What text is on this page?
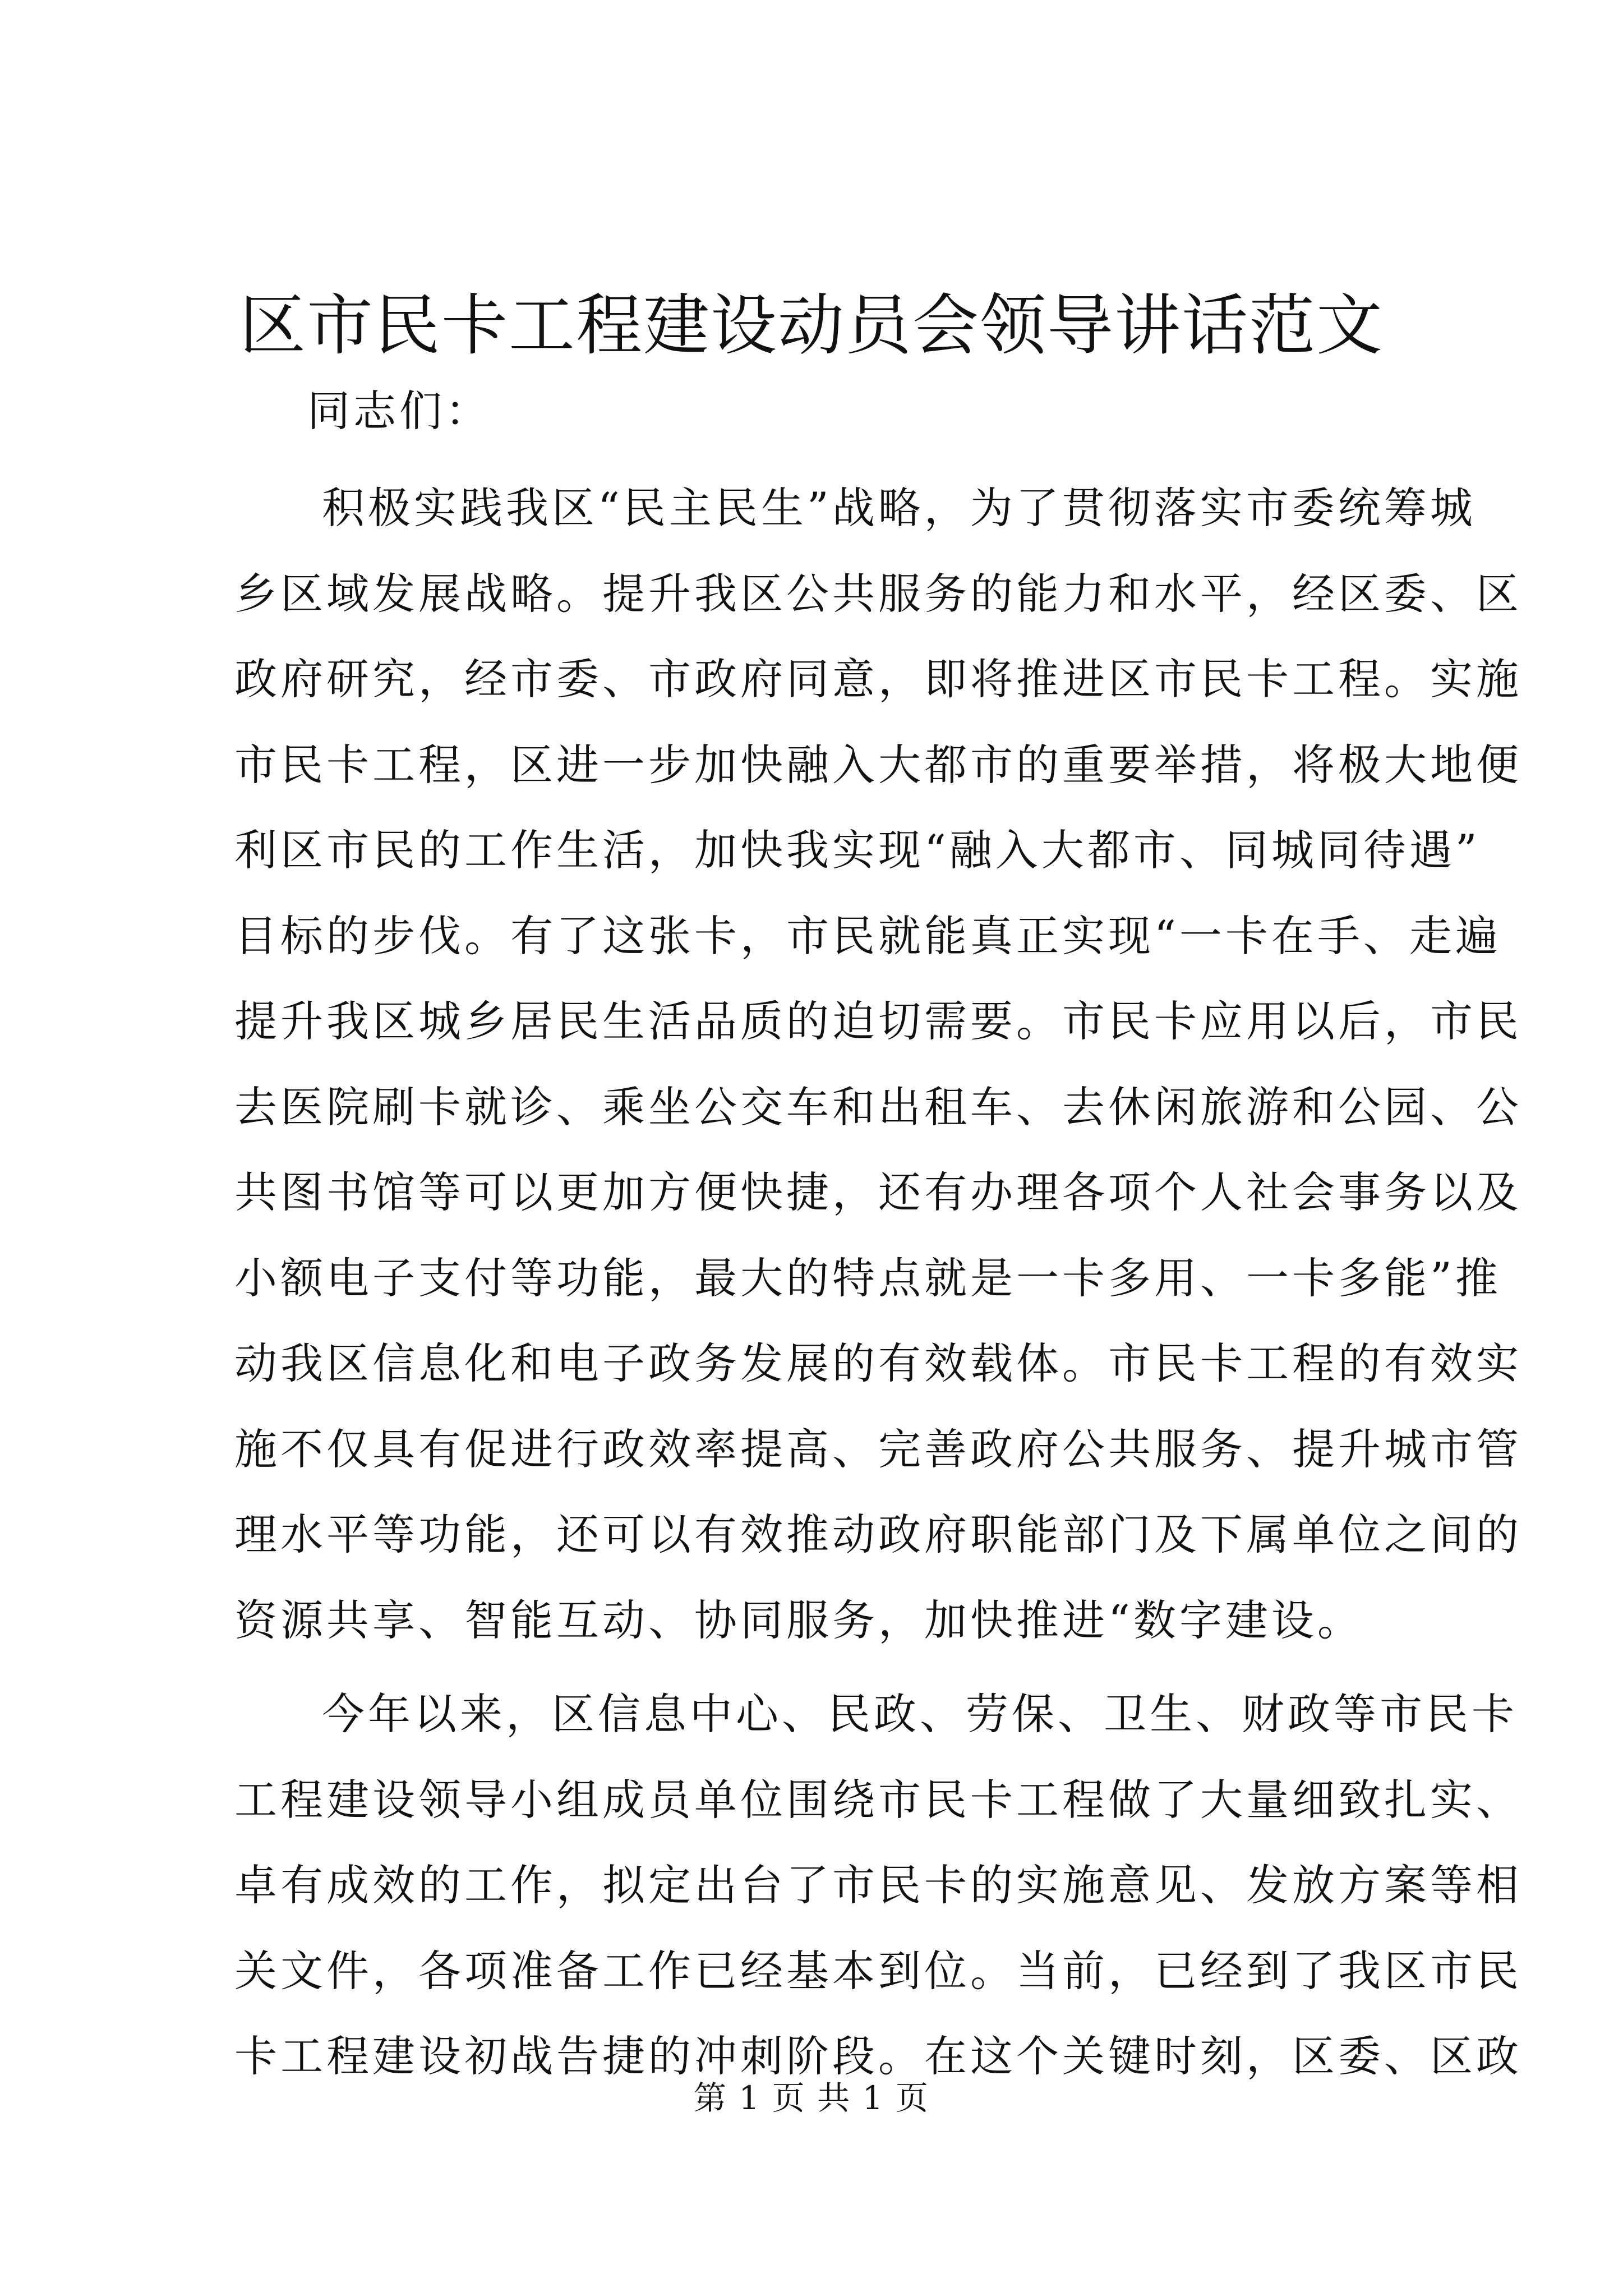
区市民卡工程建设动员会领导讲话范文

同志们：

积极实践我区“民主民生”战略，为了贯彻落实市委统筹城
乡区域发展战略。提升我区公共服务的能力和水平，经区委、区
政府研究，经市委、市政府同意，即将推进区市民卡工程。实施
市民卡工程，区进一步加快融入大都市的重要举措，将极大地便
利区市民的工作生活，加快我实现“融入大都市、同城同待遇”
目标的步伐。有了这张卡，市民就能真正实现“一卡在手、走遍
提升我区城乡居民生活品质的迫切需要。市民卡应用以后，市民
去医院刷卡就诊、乘坐公交车和出租车、去休闲旅游和公园、公
共图书馆等可以更加方便快捷，还有办理各项个人社会事务以及
小额电子支付等功能，最大的特点就是一卡多用、一卡多能”推
动我区信息化和电子政务发展的有效载体。市民卡工程的有效实
施不仅具有促进行政效率提高、完善政府公共服务、提升城市管
理水平等功能，还可以有效推动政府职能部门及下属单位之间的
资源共享、智能互动、协同服务，加快推进“数字建设。
今年以来，区信息中心、民政、劳保、卫生、财政等市民卡
工程建设领导小组成员单位围绕市民卡工程做了大量细致扎实、
卓有成效的工作，拟定出台了市民卡的实施意见、发放方案等相
关文件，各项准备工作已经基本到位。当前，已经到了我区市民
卡工程建设初战告捷的冲刺阶段。在这个关键时刻，区委、区政

第 1 页 共 1 页
